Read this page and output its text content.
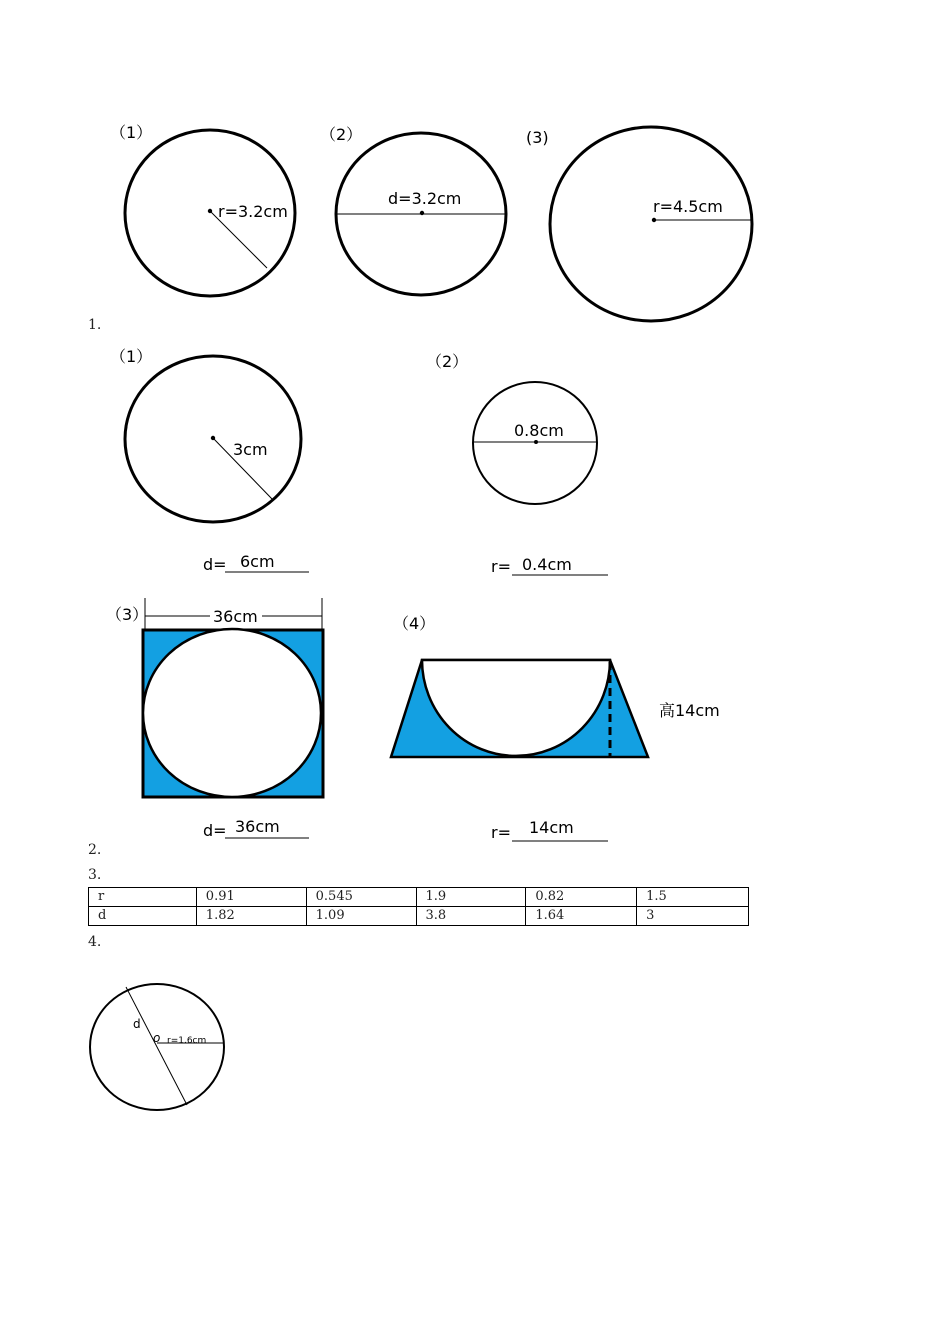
（1）
r=3.2cm
（2）
d=3.2cm
(3)
r=4.5cm
（1）
3cm
d= 6cm
（2）
0.8cm
r= 0.4cm
（3）	36cm
d= 36cm
（4）
高14cm
r= 14cm
d
o r=1.6cm
1.
2.
3.
4.
r	0.91	0.545	1.9	0.82	1.5
d	1.82	1.09	3.8	1.64	3
